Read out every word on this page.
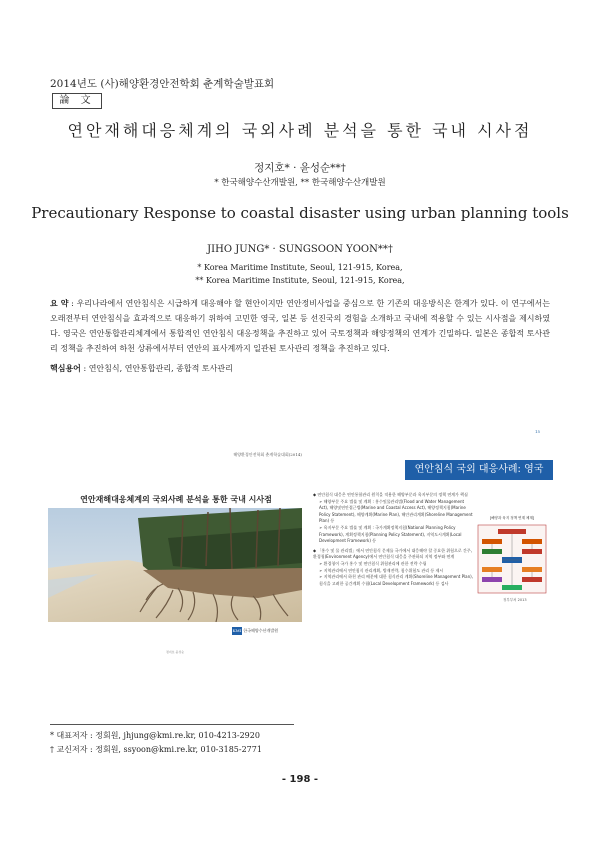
2014년도 (사)해양환경안전학회 춘계학술발표회
論 文
연안재해대응체계의 국외사례 분석을 통한 국내 시사점
정지호* · 윤성순**†
* 한국해양수산개발원, ** 한국해양수산개발원
Precautionary Response to coastal disaster using urban planning tools
JIHO JUNG* · SUNGSOON YOON**†
* Korea Maritime Institute, Seoul, 121-915, Korea,
** Korea Maritime Institute, Seoul, 121-915, Korea,
요 약 : 우리나라에서 연안침식은 시급하게 대응해야 할 현안이지만 연안정비사업을 중심으로 한 기존의 대응방식은 한계가 있다. 이 연구에서는 오래전부터 연안침식을 효과적으로 대응하기 위하여 고민한 영국, 일본 등 선진국의 경험을 소개하고 국내에 적용할 수 있는 시사점을 제시하였다. 영국은 연안통합관리체계에서 통합적인 연안침식 대응정책을 추진하고 있어 국토정책과 해양정책의 연계가 긴밀하다. 일본은 종합적 토사관리 정책을 추진하여 하천 상류에서부터 연안의 표사계까지 일관된 토사관리 정책을 추진하고 있다.
핵심용어 : 연안침식, 연안통합관리, 종합적 토사관리
해양환경안전학회 춘계학술대회(2014)
연안재해대응체계의 국외사례 분석을 통한 국내 시사점
KMI 한국해양수산개발원
정지호 윤성순
15
연안침식 국외 대응사례: 영국
◆ 연안침식 대응은 연안통합관리 원칙을 적용한 해양부문과 육지부문의 정책 연계가 핵심
➢ 해양부문 주요 법률 및 계획 : 홍수및물관리법(Flood and Water Management Act), 해양및연안접근법(Marine and Coastal Access Act), 해양정책지침(Marine Policy Statement), 해양계획(Marine Plan), 해안관리계획(Shoreline Management Plan) 등
➢ 육지부문 주요 법률 및 계획 : 국가계획정책지침(National Planning Policy Framework), 계획정책지침(Planning Policy Statement), 지역도시계획(Local Development Framework) 등
◆ 「홍수 및 물 관리법」에서 연안침식 문제를 국가에서 대응해야 할 중요한 위험으로 간주, 환경청(Environment Agency)에서 연안침식 대응을 주관하되 지역 정부와 연계
➢ 환경청이 국가 홍수 및 연안침식 위험관리에 관한 전략 수립
➢ 지역관리에서 연안침식 관리계획, 방재전략, 침수위험도 관리 등 제시
➢ 지역관리에서 하천 관리 배분에 대한 침식관리 계획(Shoreline Management Plan), 침식을 고려한 공간계획 수립(Local Development Framework) 등 검사
[해양과 육지 정책 연계 체계]
정부부처 2013
* 대표저자 : 정회원, jhjung@kmi.re.kr, 010-4213-2920
† 교신저자 : 정회원, ssyoon@kmi.re.kr, 010-3185-2771
- 198 -
